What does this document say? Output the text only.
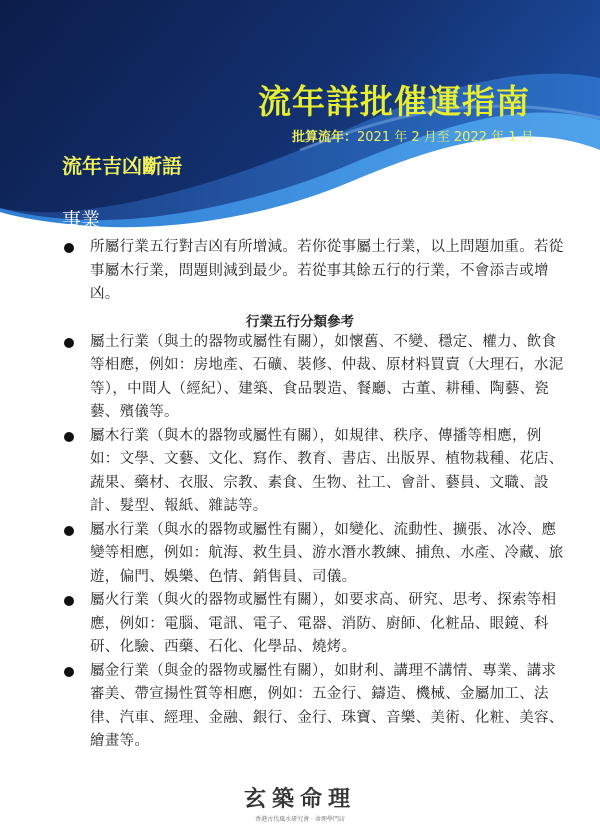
流年詳批催運指南
批算流年：2021 年 2 月至 2022 年 1 月
流年吉凶斷語
事業
所屬行業五行對吉凶有所增減。若你從事屬土行業，以上問題加重。若從事屬木行業，問題則減到最少。若從事其餘五行的行業，不會添吉或增凶。
行業五行分類參考
屬土行業（與土的器物或屬性有關），如懷舊、不變、穩定、權力、飲食等相應，例如：房地產、石礦、裝修、仲裁、原材料買賣（大理石，水泥等），中間人（經紀）、建築、食品製造、餐廳、古董、耕種、陶藝、瓷藝、殯儀等。
屬木行業（與木的器物或屬性有關），如規律、秩序、傳播等相應，例如：文學、文藝、文化、寫作、教育、書店、出版界、植物栽種、花店、蔬果、藥材、衣服、宗教、素食、生物、社工、會計、藝員、文職、設計、髮型、報紙、雜誌等。
屬水行業（與水的器物或屬性有關），如變化、流動性、擴張、冰冷、應變等相應，例如：航海、救生員、游水潛水教練、捕魚、水產、冷藏、旅遊，偏門、娛樂、色情、銷售員、司儀。
屬火行業（與火的器物或屬性有關），如要求高、研究、思考、探索等相應，例如：電腦、電訊、電子、電器、消防、廚師、化粧品、眼鏡、科研、化驗、西藥、石化、化學品、燒烤。
屬金行業（與金的器物或屬性有關），如財利、講理不講情、專業、講求審美、帶宣揚性質等相應，例如：五金行、鑄造、機械、金屬加工、法律、汽車、經理、金融、銀行、金行、珠寶、音樂、美術、化粧、美容、繪畫等。
玄築命理
香港古代風水研究會 · 命理學門店
